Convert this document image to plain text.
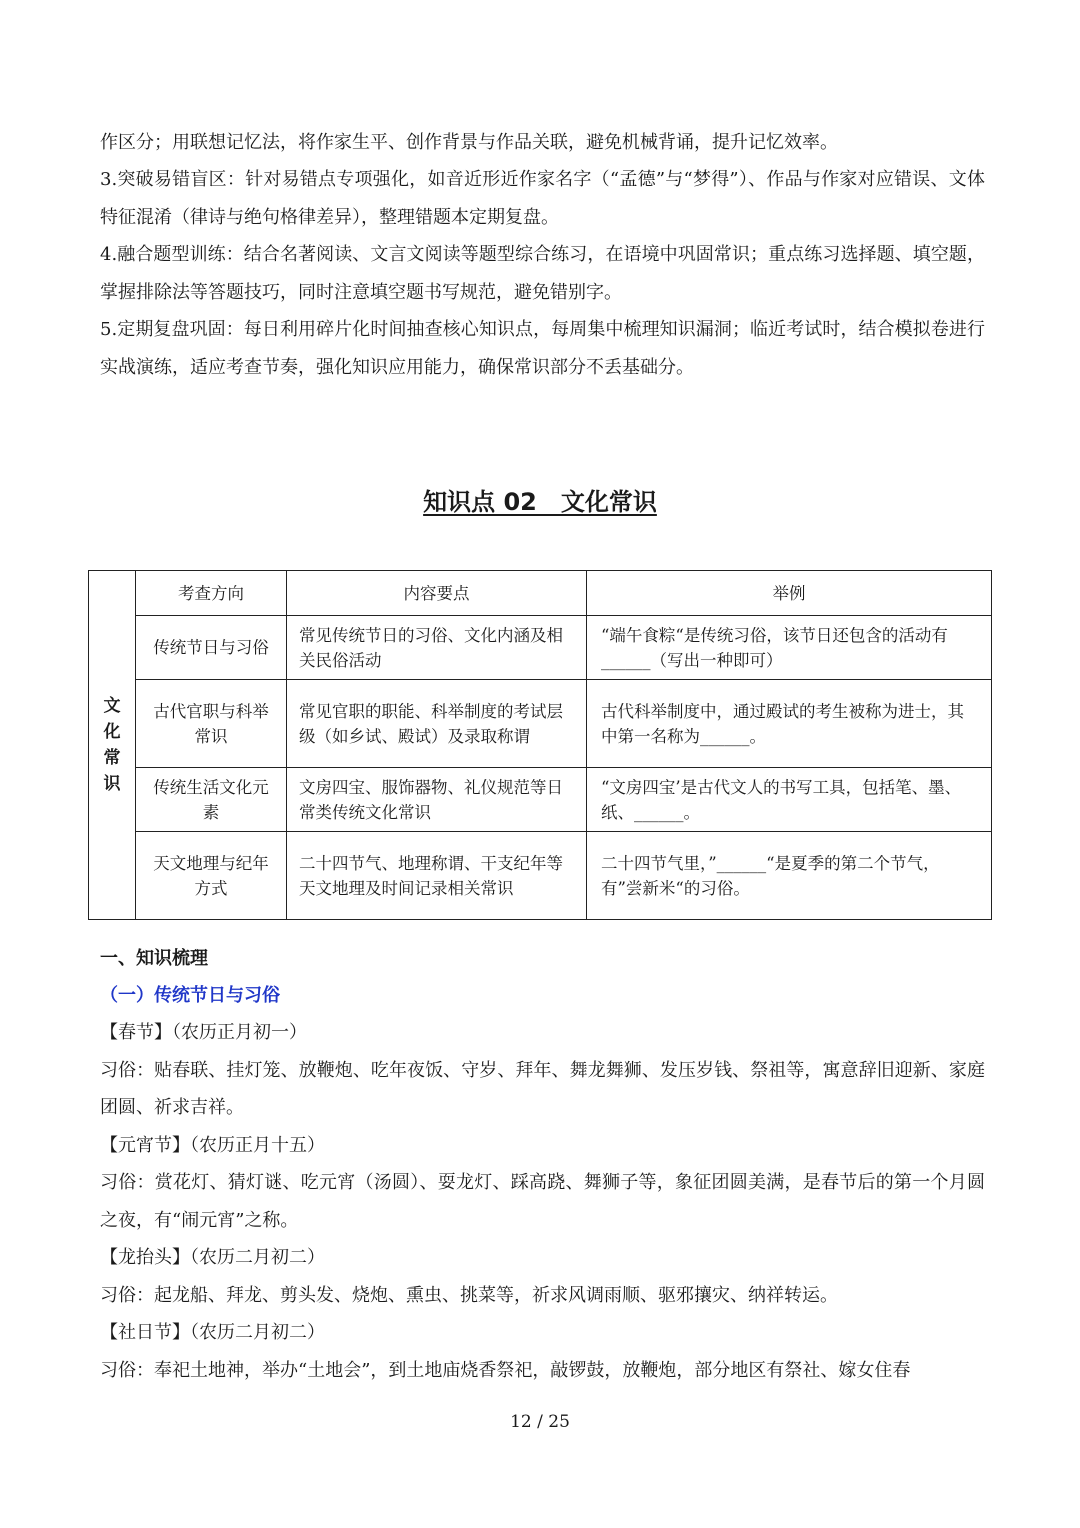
作区分；用联想记忆法，将作家生平、创作背景与作品关联，避免机械背诵，提升记忆效率。

3.突破易错盲区：针对易错点专项强化，如音近形近作家名字（“孟德”与“梦得”）、作品与作家对应错误、文体特征混淆（律诗与绝句格律差异），整理错题本定期复盘。

4.融合题型训练：结合名著阅读、文言文阅读等题型综合练习，在语境中巩固常识；重点练习选择题、填空题，掌握排除法等答题技巧，同时注意填空题书写规范，避免错别字。

5.定期复盘巩固：每日利用碎片化时间抽查核心知识点，每周集中梳理知识漏洞；临近考试时，结合模拟卷进行实战演练，适应考查节奏，强化知识应用能力，确保常识部分不丢基础分。

知识点 02　文化常识
文化常识	考查方向	内容要点	举例
	传统节日与习俗	常见传统节日的习俗、文化内涵及相关民俗活动	“端午食粽“是传统习俗，该节日还包含的活动有______（写出一种即可）
	古代官职与科举常识	常见官职的职能、科举制度的考试层级（如乡试、殿试）及录取称谓	古代科举制度中，通过殿试的考生被称为进士，其中第一名称为______。
	传统生活文化元素	文房四宝、服饰器物、礼仪规范等日常类传统文化常识	“文房四宝’是古代文人的书写工具，包括笔、墨、纸、______。
	天文地理与纪年方式	二十四节气、地理称谓、干支纪年等天文地理及时间记录相关常识	二十四节气里，”______“是夏季的第二个节气，有”尝新米“的习俗。

一、知识梳理

（一）传统节日与习俗

【春节】（农历正月初一）

习俗：贴春联、挂灯笼、放鞭炮、吃年夜饭、守岁、拜年、舞龙舞狮、发压岁钱、祭祖等，寓意辞旧迎新、家庭团圆、祈求吉祥。

【元宵节】（农历正月十五）

习俗：赏花灯、猜灯谜、吃元宵（汤圆）、耍龙灯、踩高跷、舞狮子等，象征团圆美满，是春节后的第一个月圆之夜，有“闹元宵”之称。

【龙抬头】（农历二月初二）

习俗：起龙船、拜龙、剪头发、烧炮、熏虫、挑菜等，祈求风调雨顺、驱邪攘灾、纳祥转运。

【社日节】（农历二月初二）

习俗：奉祀土地神，举办“土地会”，到土地庙烧香祭祀，敲锣鼓，放鞭炮，部分地区有祭社、嫁女住春

12 / 25
